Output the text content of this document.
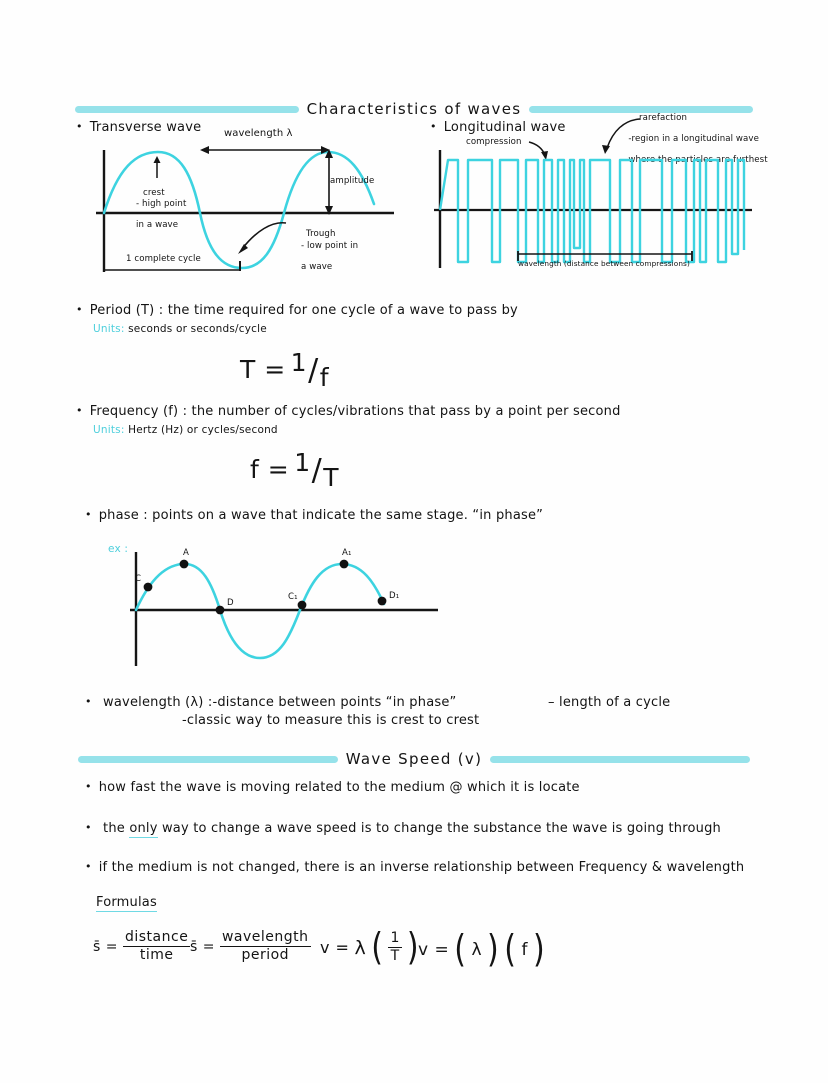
Characteristics of waves
• Transverse wave

crest

- high point

in a wave

wavelength λ
amplitude

Trough

- low point in

a wave

1 complete cycle
• Longitudinal wave
compression
rarefaction

-region in a longitudinal wave

where the particles are furthest

wavelength (distance between compressions)
• Period (T) : the time required for one cycle of a wave to pass by
Units: seconds or seconds/cycle
T = 1 / f
• Frequency (f) : the number of cycles/vibrations that pass by a point per second
Units: Hertz (Hz) or cycles/second
f = 1 / T
• phase : points on a wave that indicate the same stage. “in phase”
ex :
C
A
D
C₁
A₁
D₁
• wavelength (λ) :-distance between points “in phase”
-classic way to measure this is crest to crest
– length of a cycle
Wave Speed (v)
• how fast the wave is moving related to the medium @ which it is locate
• the only way to change a wave speed is to change the substance the wave is going through
• if the medium is not changed, there is an inverse relationship between Frequency & wavelength
Formulas
s̄ = $\frac{\text{distance}}{\text{time}}$ s̄ = $\frac{\text{wavelength}}{\text{period}}$ v = λ ( $\frac{1}{T}$ )
v = ( λ ) ( f )
